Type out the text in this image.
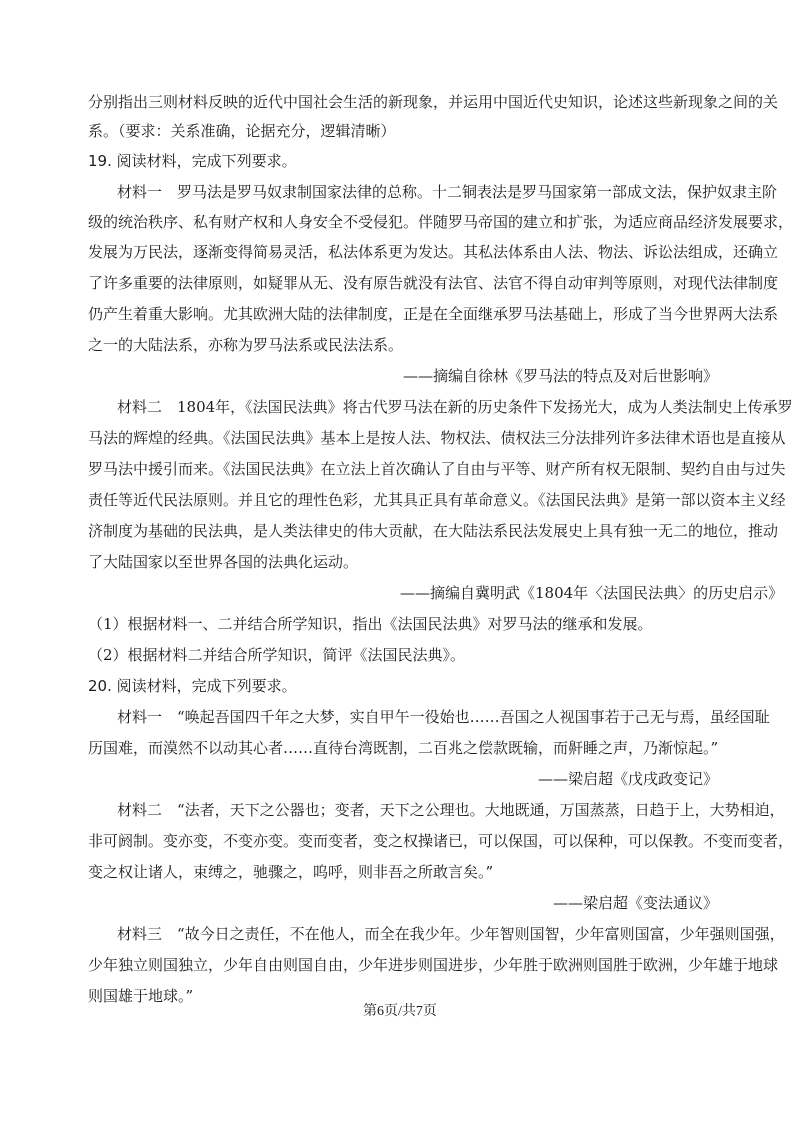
分别指出三则材料反映的近代中国社会生活的新现象，并运用中国近代史知识，论述这些新现象之间的关
系。（要求：关系准确，论据充分，逻辑清晰）
19. 阅读材料，完成下列要求。
材料一　罗马法是罗马奴隶制国家法律的总称。十二铜表法是罗马国家第一部成文法，保护奴隶主阶
级的统治秩序、私有财产权和人身安全不受侵犯。伴随罗马帝国的建立和扩张，为适应商品经济发展要求，
发展为万民法，逐渐变得简易灵活，私法体系更为发达。其私法体系由人法、物法、诉讼法组成，还确立
了许多重要的法律原则，如疑罪从无、没有原告就没有法官、法官不得自动审判等原则，对现代法律制度
仍产生着重大影响。尤其欧洲大陆的法律制度，正是在全面继承罗马法基础上，形成了当今世界两大法系
之一的大陆法系，亦称为罗马法系或民法法系。
——摘编自徐林《罗马法的特点及对后世影响》
材料二　1804年，《法国民法典》将古代罗马法在新的历史条件下发扬光大，成为人类法制史上传承罗
马法的辉煌的经典。《法国民法典》基本上是按人法、物权法、债权法三分法排列许多法律术语也是直接从
罗马法中援引而来。《法国民法典》在立法上首次确认了自由与平等、财产所有权无限制、契约自由与过失
责任等近代民法原则。并且它的理性色彩，尤其具正具有革命意义。《法国民法典》是第一部以资本主义经
济制度为基础的民法典，是人类法律史的伟大贡献，在大陆法系民法发展史上具有独一无二的地位，推动
了大陆国家以至世界各国的法典化运动。
——摘编自冀明武《1804年〈法国民法典〉的历史启示》
（1）根据材料一、二并结合所学知识，指出《法国民法典》对罗马法的继承和发展。
（2）根据材料二并结合所学知识，简评《法国民法典》。
20. 阅读材料，完成下列要求。
材料一　“唤起吾国四千年之大梦，实自甲午一役始也……吾国之人视国事若于己无与焉，虽经国耻
历国难，而漠然不以动其心者……直待台湾既割，二百兆之偿款既输，而鼾睡之声，乃渐惊起。”
——梁启超《戊戌政变记》
材料二　“法者，天下之公器也；变者，天下之公理也。大地既通，万国蒸蒸，日趋于上，大势相迫，
非可阏制。变亦变，不变亦变。变而变者，变之权操诸已，可以保国，可以保种，可以保教。不变而变者，
变之权让诸人，束缚之，驰骤之，呜呼，则非吾之所敢言矣。”
——梁启超《变法通议》
材料三　“故今日之责任，不在他人，而全在我少年。少年智则国智，少年富则国富，少年强则国强，
少年独立则国独立，少年自由则国自由，少年进步则国进步，少年胜于欧洲则国胜于欧洲，少年雄于地球
则国雄于地球。”
第6页/共7页
